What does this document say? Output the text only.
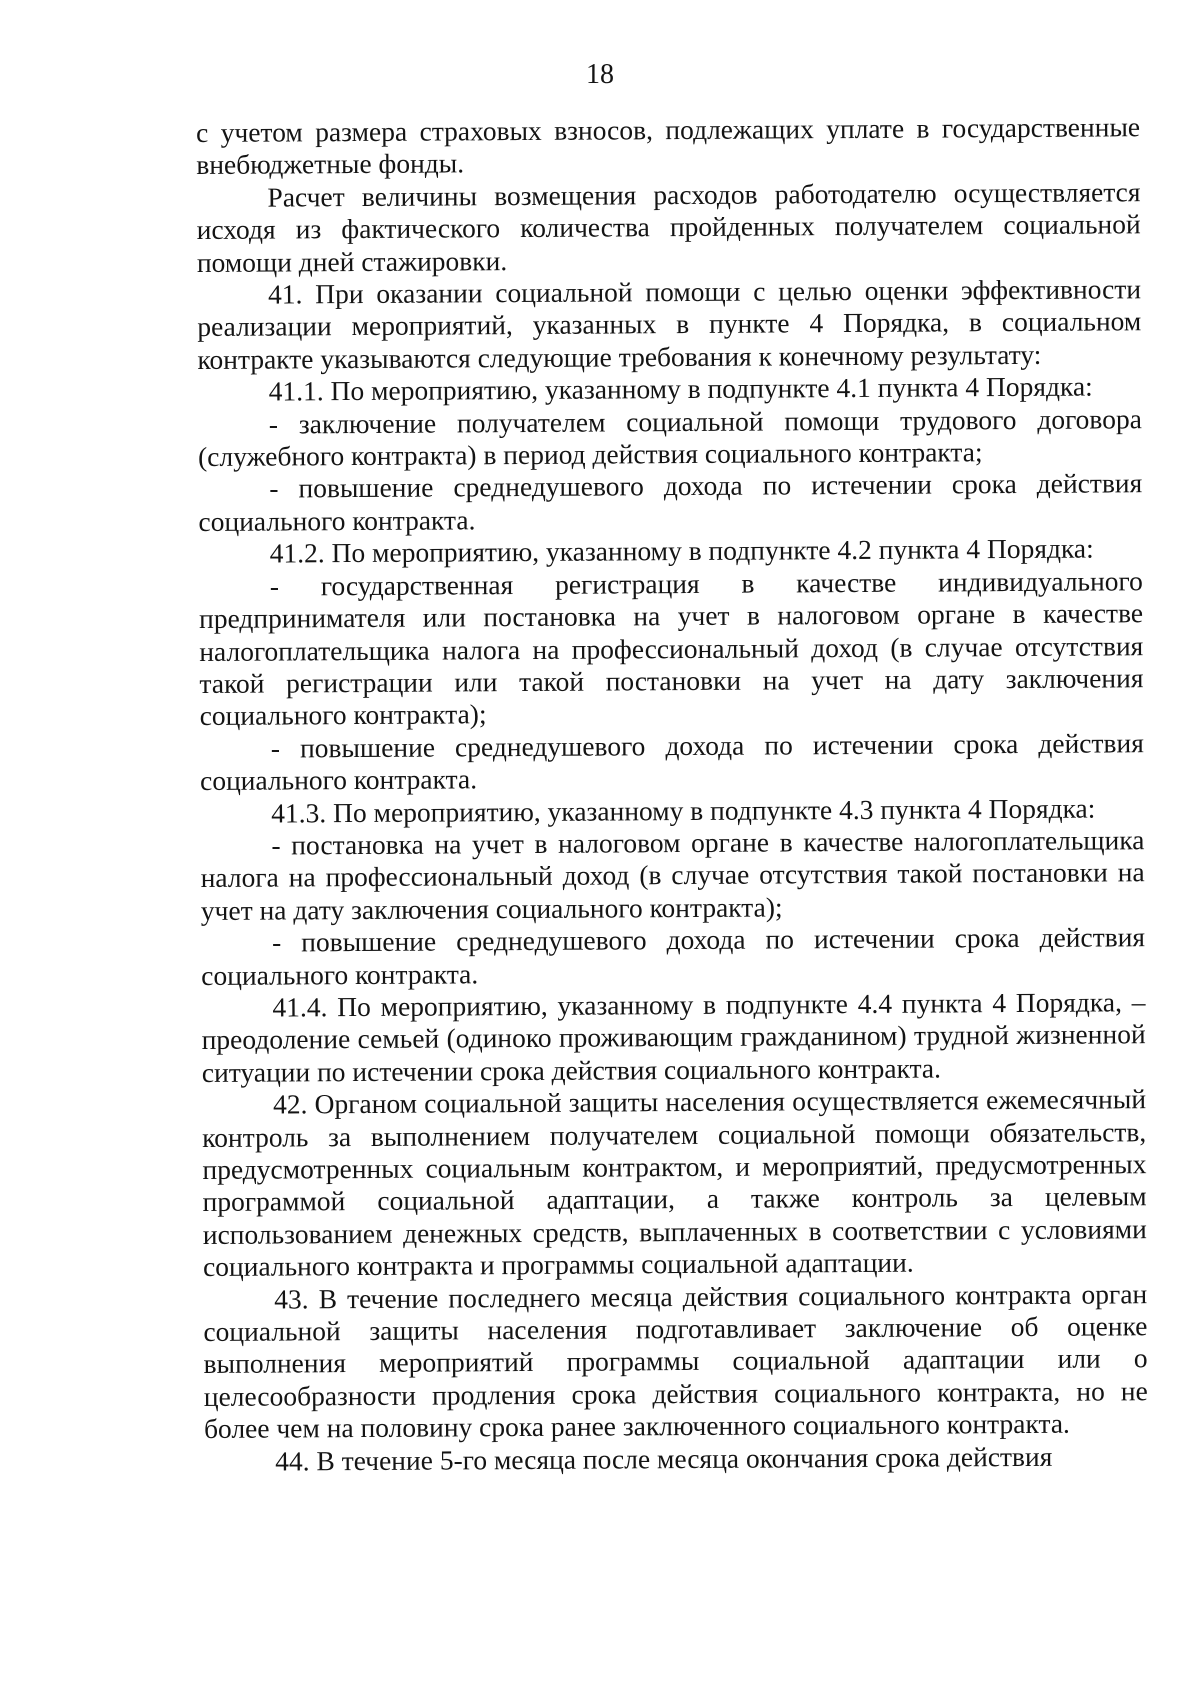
18

с учетом размера страховых взносов, подлежащих уплате в государственные внебюджетные фонды.

Расчет величины возмещения расходов работодателю осуществляется исходя из фактического количества пройденных получателем социальной помощи дней стажировки.

41. При оказании социальной помощи с целью оценки эффективности реализации мероприятий, указанных в пункте 4 Порядка, в социальном контракте указываются следующие требования к конечному результату:

41.1. По мероприятию, указанному в подпункте 4.1 пункта 4 Порядка:

- заключение получателем социальной помощи трудового договора (служебного контракта) в период действия социального контракта;

- повышение среднедушевого дохода по истечении срока действия социального контракта.

41.2. По мероприятию, указанному в подпункте 4.2 пункта 4 Порядка:

- государственная регистрация в качестве индивидуального предпринимателя или постановка на учет в налоговом органе в качестве налогоплательщика налога на профессиональный доход (в случае отсутствия такой регистрации или такой постановки на учет на дату заключения социального контракта);

- повышение среднедушевого дохода по истечении срока действия социального контракта.

41.3. По мероприятию, указанному в подпункте 4.3 пункта 4 Порядка:

- постановка на учет в налоговом органе в качестве налогоплательщика налога на профессиональный доход (в случае отсутствия такой постановки на учет на дату заключения социального контракта);

- повышение среднедушевого дохода по истечении срока действия социального контракта.

41.4. По мероприятию, указанному в подпункте 4.4 пункта 4 Порядка, – преодоление семьей (одиноко проживающим гражданином) трудной жизненной ситуации по истечении срока действия социального контракта.

42. Органом социальной защиты населения осуществляется ежемесячный контроль за выполнением получателем социальной помощи обязательств, предусмотренных социальным контрактом, и мероприятий, предусмотренных программой социальной адаптации, а также контроль за целевым использованием денежных средств, выплаченных в соответствии с условиями социального контракта и программы социальной адаптации.

43. В течение последнего месяца действия социального контракта орган социальной защиты населения подготавливает заключение об оценке выполнения мероприятий программы социальной адаптации или о целесообразности продления срока действия социального контракта, но не более чем на половину срока ранее заключенного социального контракта.

44. В течение 5-го месяца после месяца окончания срока действия
